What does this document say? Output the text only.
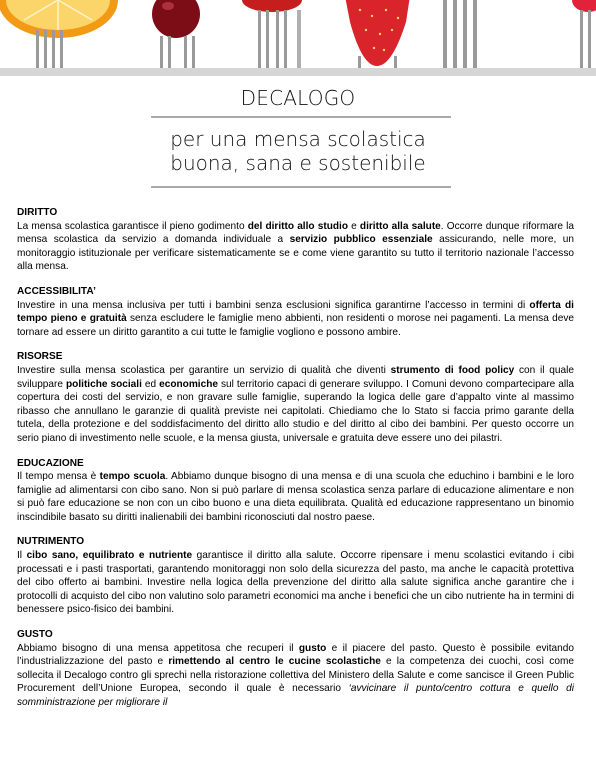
DECALOGO
per una mensa scolastica
buona, sana e sostenibile
DIRITTO
La mensa scolastica garantisce il pieno godimento del diritto allo studio e diritto alla salute. Occorre dunque riformare la mensa scolastica da servizio a domanda individuale a servizio pubblico essenziale assicurando, nelle more, un monitoraggio istituzionale per verificare sistematicamente se e come viene garantito su tutto il territorio nazionale l’accesso alla mensa.
ACCESSIBILITA’
Investire in una mensa inclusiva per tutti i bambini senza esclusioni significa garantirne l’accesso in termini di offerta di tempo pieno e gratuità senza escludere le famiglie meno abbienti, non residenti o morose nei pagamenti. La mensa deve tornare ad essere un diritto garantito a cui tutte le famiglie vogliono e possono ambire.
RISORSE
Investire sulla mensa scolastica per garantire un servizio di qualità che diventi strumento di food policy con il quale sviluppare politiche sociali ed economiche sul territorio capaci di generare sviluppo. I Comuni devono compartecipare alla copertura dei costi del servizio, e non gravare sulle famiglie, superando la logica delle gare d’appalto vinte al massimo ribasso che annullano le garanzie di qualità previste nei capitolati. Chiediamo che lo Stato si faccia primo garante della tutela, della protezione e del soddisfacimento del diritto allo studio e del diritto al cibo dei bambini. Per questo occorre un serio piano di investimento nelle scuole, e la mensa giusta, universale e gratuita deve essere uno dei pilastri.
EDUCAZIONE
Il tempo mensa è tempo scuola. Abbiamo dunque bisogno di una mensa e di una scuola che educhino i bambini e le loro famiglie ad alimentarsi con cibo sano. Non si può parlare di mensa scolastica senza parlare di educazione alimentare e non si può fare educazione se non con un cibo buono e una dieta equilibrata. Qualità ed educazione rappresentano un binomio inscindibile basato su diritti inalienabili dei bambini riconosciuti dal nostro paese.
NUTRIMENTO
Il cibo sano, equilibrato e nutriente garantisce il diritto alla salute. Occorre ripensare i menu scolastici evitando i cibi processati e i pasti trasportati, garantendo monitoraggi non solo della sicurezza del pasto, ma anche le capacità protettiva del cibo offerto ai bambini. Investire nella logica della prevenzione del diritto alla salute significa anche garantire che i protocolli di acquisto del cibo non valutino solo parametri economici ma anche i benefici che un cibo nutriente ha in termini di benessere psico-fisico dei bambini.
GUSTO
Abbiamo bisogno di una mensa appetitosa che recuperi il gusto e il piacere del pasto. Questo è possibile evitando l’industrializzazione del pasto e rimettendo al centro le cucine scolastiche e la competenza dei cuochi, così come sollecita il Decalogo contro gli sprechi nella ristorazione collettiva del Ministero della Salute e come sancisce il Green Public Procurement dell’Unione Europea, secondo il quale è necessario ‘avvicinare il punto/centro cottura e quello di somministrazione per migliorare il
